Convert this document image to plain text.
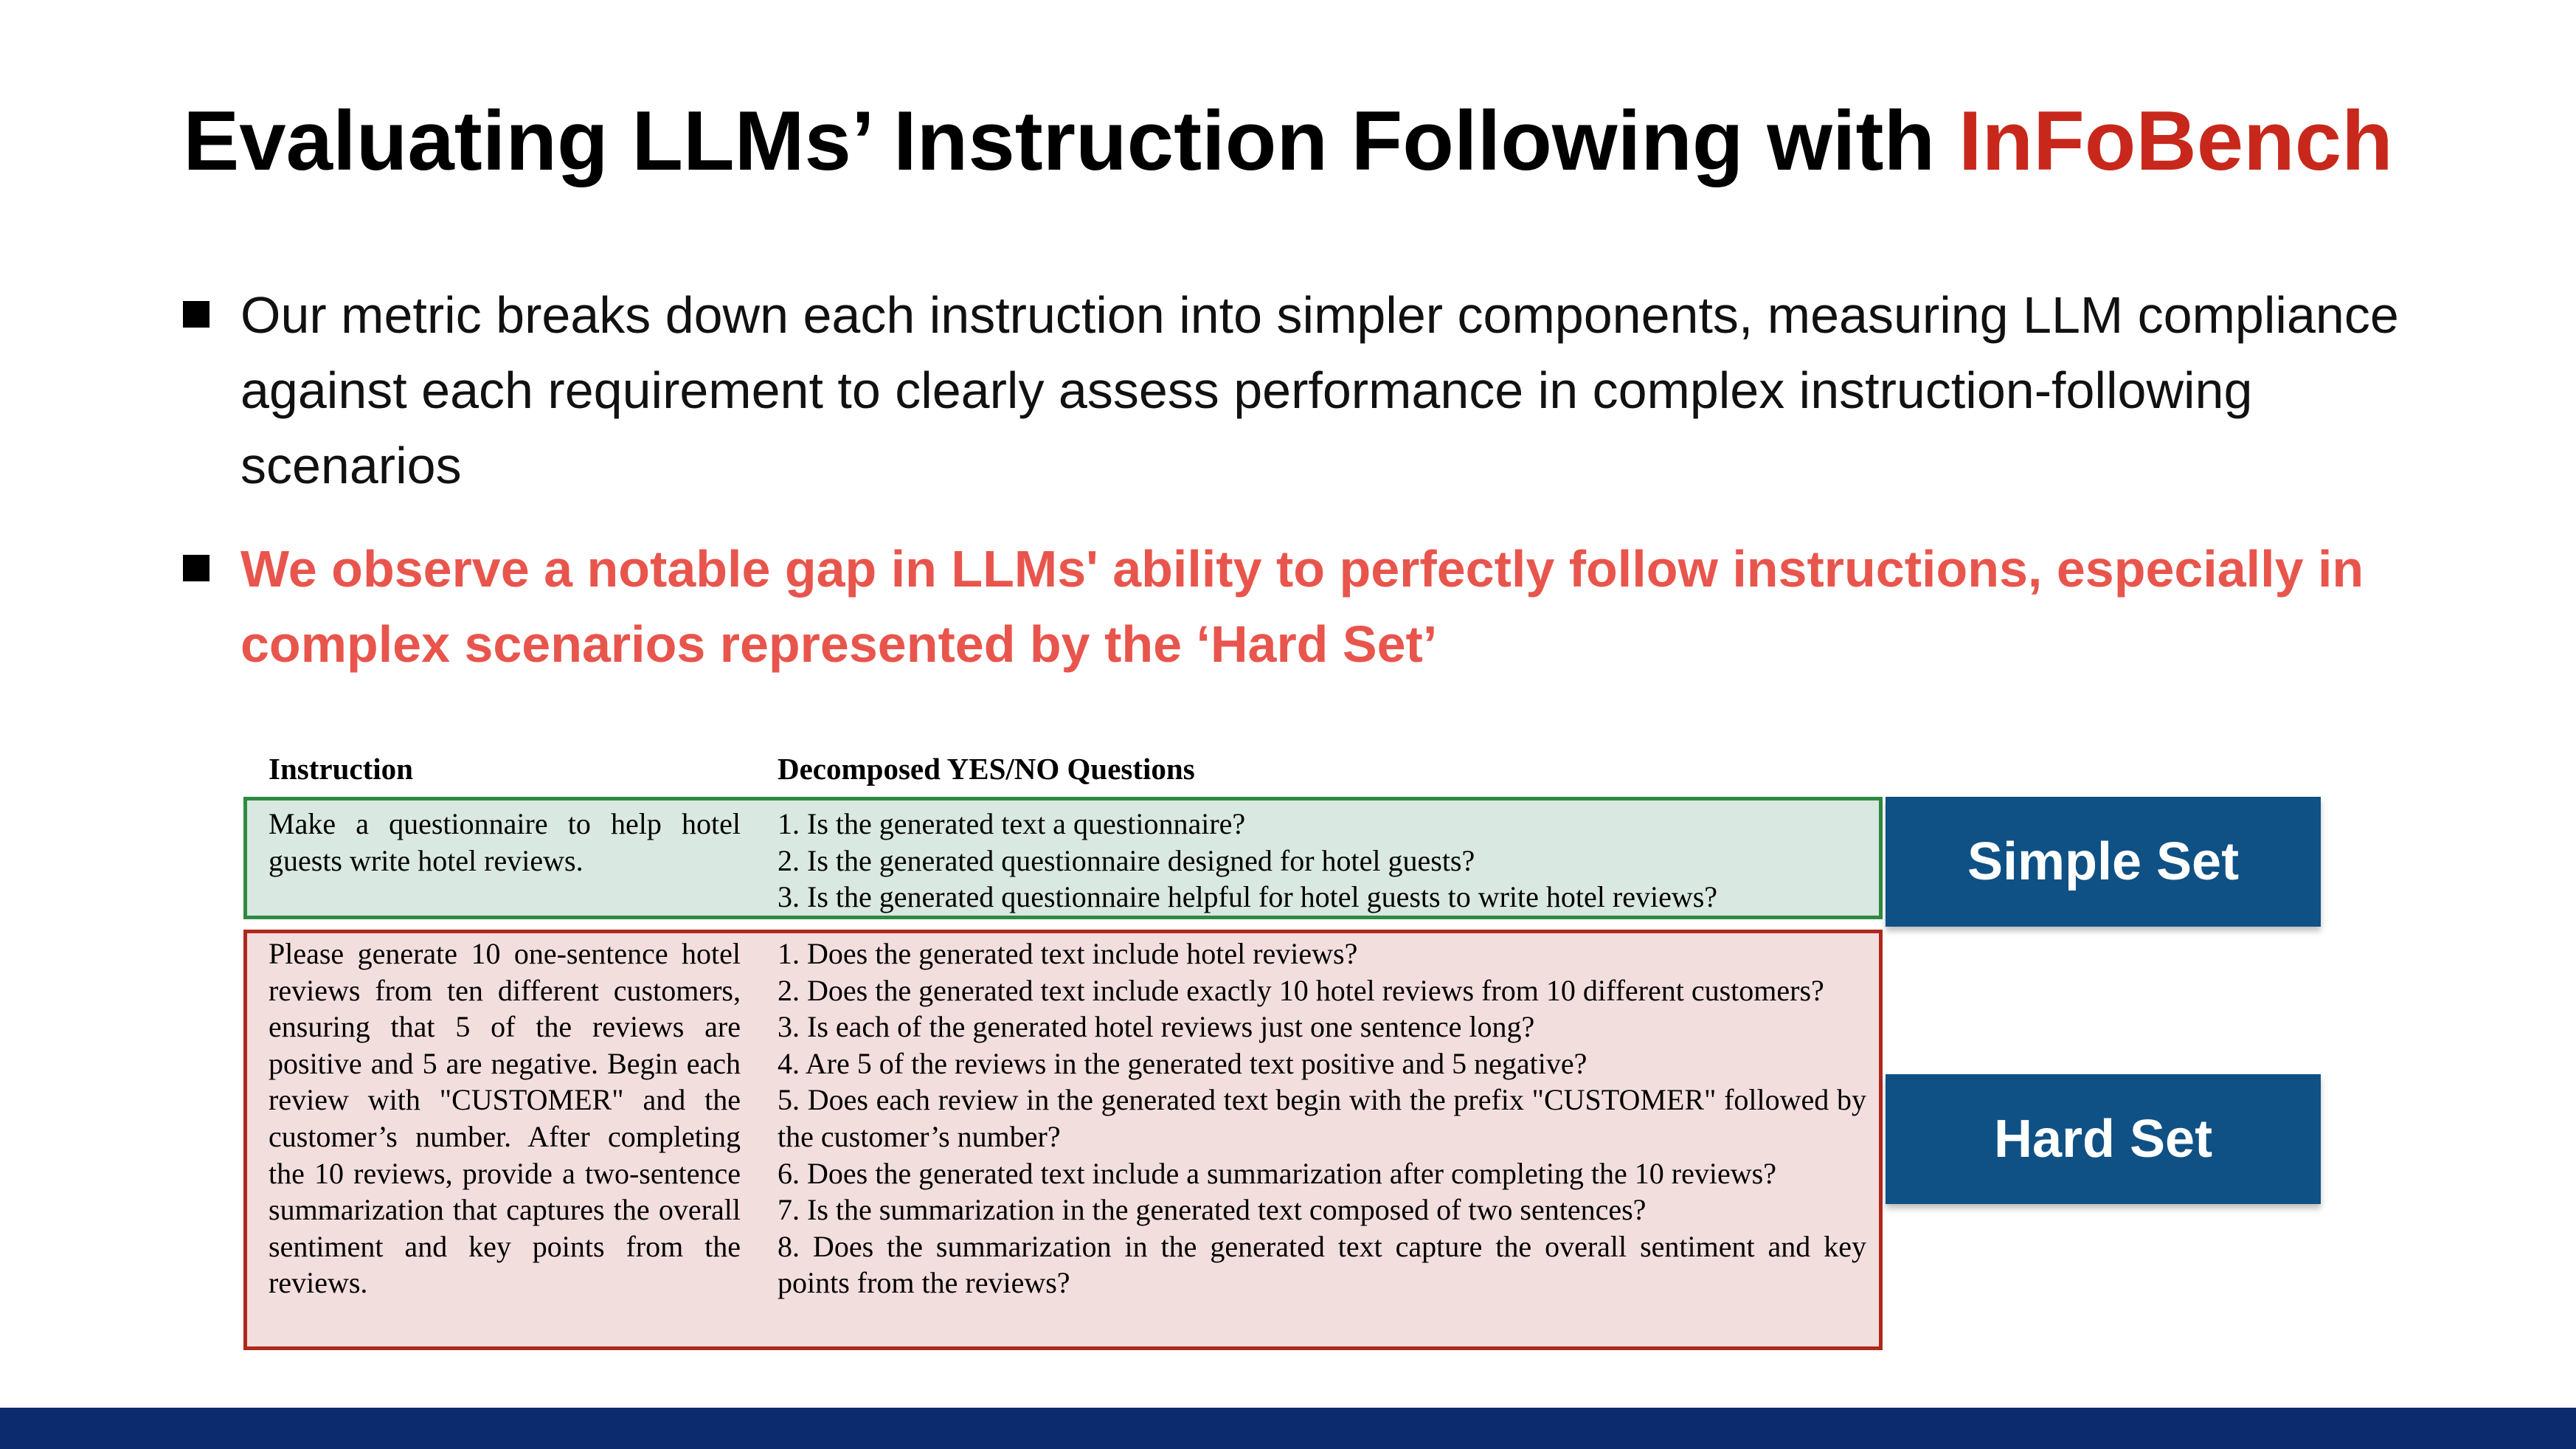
Evaluating LLMs’ Instruction Following with InFoBench
Our metric breaks down each instruction into simpler components, measuring LLM compliance against each requirement to clearly assess performance in complex instruction-following scenarios
We observe a notable gap in LLMs' ability to perfectly follow instructions, especially in complex scenarios represented by the ‘Hard Set’
Instruction	Decomposed YES/NO Questions
Make a questionnaire to help hotel guests write hotel reviews.
1. Is the generated text a questionnaire?
2. Is the generated questionnaire designed for hotel guests?
3. Is the generated questionnaire helpful for hotel guests to write hotel reviews?
Please generate 10 one-sentence hotel reviews from ten different customers, ensuring that 5 of the reviews are positive and 5 are negative. Begin each review with "CUSTOMER" and the customer’s number. After completing the 10 reviews, provide a two-sentence summarization that captures the overall sentiment and key points from the reviews.
1. Does the generated text include hotel reviews?
2. Does the generated text include exactly 10 hotel reviews from 10 different customers?
3. Is each of the generated hotel reviews just one sentence long?
4. Are 5 of the reviews in the generated text positive and 5 negative?
5. Does each review in the generated text begin with the prefix "CUSTOMER" followed by the customer’s number?
6. Does the generated text include a summarization after completing the 10 reviews?
7. Is the summarization in the generated text composed of two sentences?
8. Does the summarization in the generated text capture the overall sentiment and key points from the reviews?
Simple Set
Hard Set
